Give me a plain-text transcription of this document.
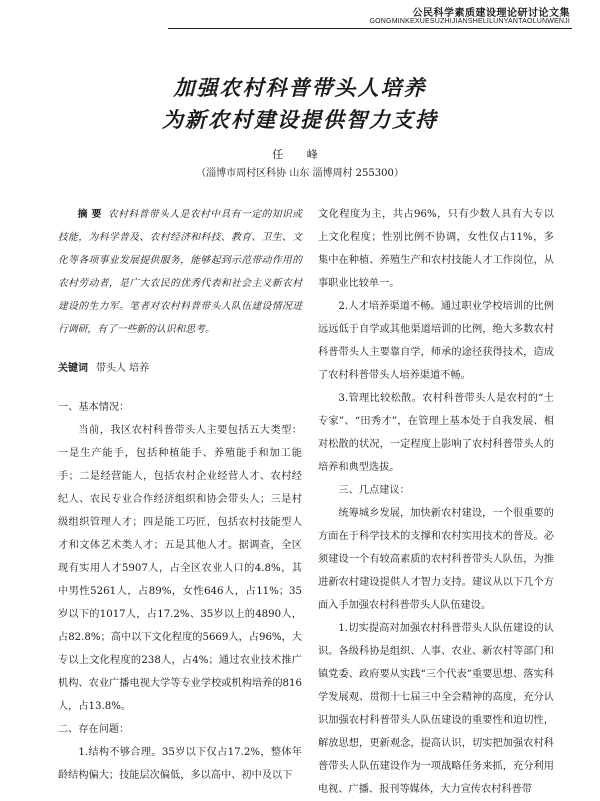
公民科学素质建设理论研讨论文集
GONGMINKEXUESUZHIJIANSHELILUNYANTAOLUNWENJI
加强农村科普带头人培养
为新农村建设提供智力支持
任 峰
（淄博市周村区科协 山东 淄博周村 255300）

摘 要 农村科普带头人是农村中具有一定的知识或技能，为科学普及、农村经济和科技、教育、卫生、文化等各项事业发展提供服务，能够起到示范带动作用的农村劳动者，是广大农民的优秀代表和社会主义新农村建设的生力军。笔者对农村科普带头人队伍建设情况进行调研，有了一些新的认识和思考。

关键词 带头人 培养

一、基本情况：

当前，我区农村科普带头人主要包括五大类型：一是生产能手，包括种植能手、养殖能手和加工能手；二是经营能人，包括农村企业经营人才、农村经纪人、农民专业合作经济组织和协会带头人；三是村级组织管理人才；四是能工巧匠，包括农村技能型人才和文体艺术类人才；五是其他人才。据调查，全区现有实用人才5907人，占全区农业人口的4.8%，其中男性5261人，占89%，女性646人，占11%；35岁以下的1017人，占17.2%、35岁以上的4890人，占82.8%；高中以下文化程度的5669人，占96%，大专以上文化程度的238人，占4%；通过农业技术推广机构、农业广播电视大学等专业学校或机构培养的816人，占13.8%。

二、存在问题：

1.结构不够合理。35岁以下仅占17.2%，整体年龄结构偏大；技能层次偏低，多以高中、初中及以下

文化程度为主，共占96%，只有少数人具有大专以上文化程度；性别比例不协调，女性仅占11%，多集中在种植、养殖生产和农村技能人才工作岗位，从事职业比较单一。

2.人才培养渠道不畅。通过职业学校培训的比例远远低于自学或其他渠道培训的比例，绝大多数农村科普带头人主要靠自学，师承的途径获得技术，造成了农村科普带头人培养渠道不畅。

3.管理比较松散。农村科普带头人是农村的“土专家”、“田秀才”，在管理上基本处于自我发展、相对松散的状况，一定程度上影响了农村科普带头人的培养和典型选拔。

三、几点建议：

统筹城乡发展，加快新农村建设，一个很重要的方面在于科学技术的支撑和农村实用技术的普及。必须建设一个有较高素质的农村科普带头人队伍，为推进新农村建设提供人才智力支持。建议从以下几个方面入手加强农村科普带头人队伍建设。

1.切实提高对加强农村科普带头人队伍建设的认识。各级科协是组织、人事、农业、新农村等部门和镇党委、政府要从实践“三个代表”重要思想、落实科学发展观、贯彻十七届三中全会精神的高度，充分认识加强农村科普带头人队伍建设的重要性和迫切性，解放思想，更新观念，提高认识，切实把加强农村科普带头人队伍建设作为一项战略任务来抓，充分利用电视、广播、报刊等媒体，大力宣传农村科普带
